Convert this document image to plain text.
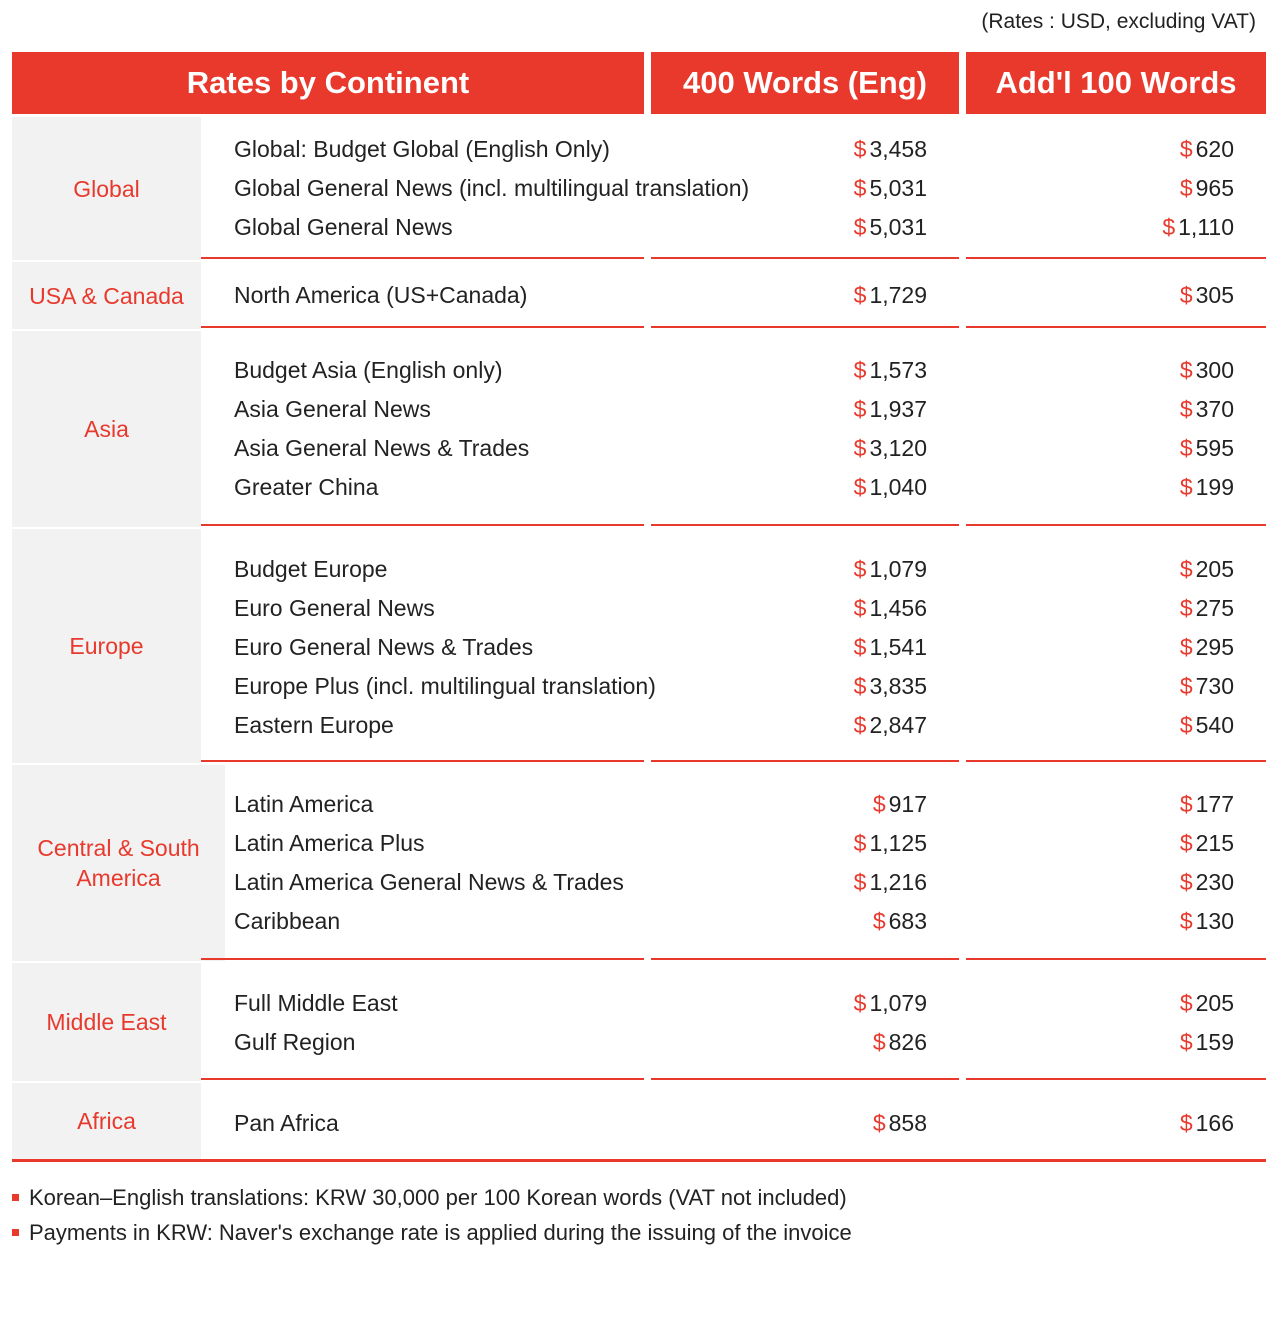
(Rates : USD, excluding VAT)
Rates by Continent	400 Words (Eng)	Add'l 100 Words
Global
Global: Budget Global (English Only)	$ 3,458	$ 620
Global General News (incl. multilingual translation)	$ 5,031	$ 965
Global General News	$ 5,031	$ 1,110
USA & Canada	North America (US+Canada)	$ 1,729	$ 305
Asia
Budget Asia (English only)	$ 1,573	$ 300
Asia General News	$ 1,937	$ 370
Asia General News & Trades	$ 3,120	$ 595
Greater China	$ 1,040	$ 199
Europe
Budget Europe	$ 1,079	$ 205
Euro General News	$ 1,456	$ 275
Euro General News & Trades	$ 1,541	$ 295
Europe Plus (incl. multilingual translation)	$ 3,835	$ 730
Eastern Europe	$ 2,847	$ 540
Central & South America
Latin America	$ 917	$ 177
Latin America Plus	$ 1,125	$ 215
Latin America General News & Trades	$ 1,216	$ 230
Caribbean	$ 683	$ 130
Middle East
Full Middle East	$ 1,079	$ 205
Gulf Region	$ 826	$ 159
Africa	Pan Africa	$ 858	$ 166
Korean–English translations: KRW 30,000 per 100 Korean words (VAT not included)
Payments in KRW: Naver's exchange rate is applied during the issuing of the invoice
